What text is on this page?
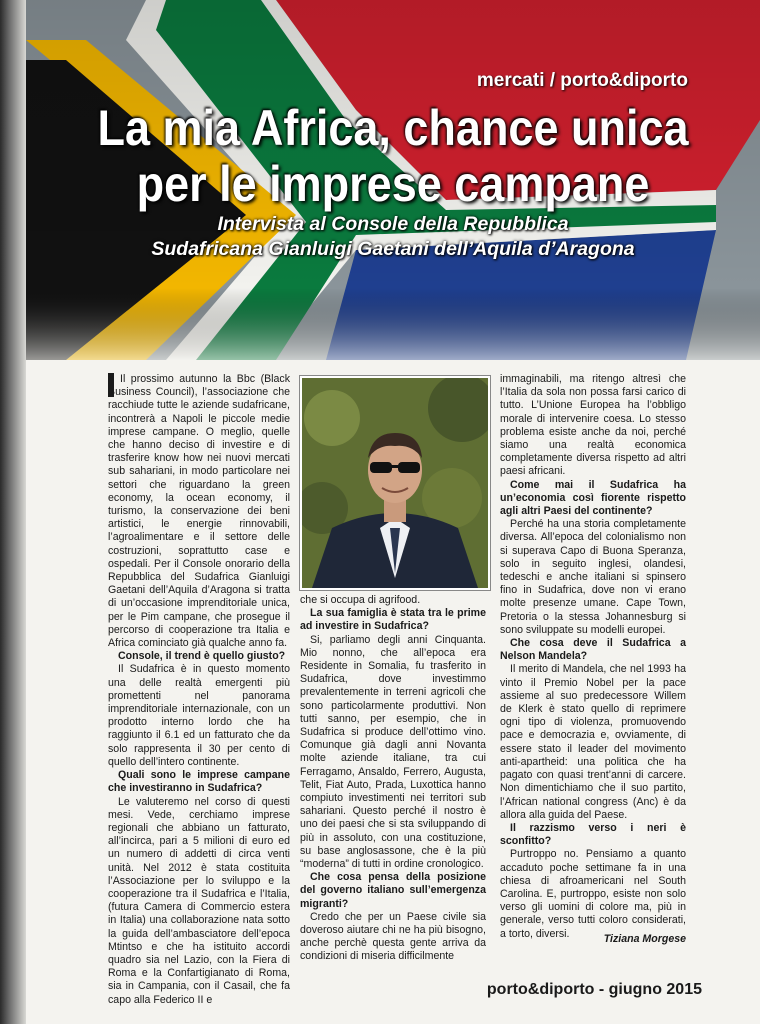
mercati / porto&diporto
La mia Africa, chance unica
per le imprese campane
Intervista al Console della Repubblica
Sudafricana Gianluigi Gaetani dell’Aquila d’Aragona

Il prossimo autunno la Bbc (Black Business Council), l’associazione che racchiude tutte le aziende sudafricane, incontrerà a Napoli le piccole medie imprese campane. O meglio, quelle che hanno deciso di investire e di trasferire know how nei nuovi mercati sub sahariani, in modo particolare nei settori che riguardano la green economy, la ocean economy, il turismo, la conservazione dei beni artistici, le energie rinnovabili, l’agroalimentare e il settore delle costruzioni, soprattutto case e ospedali. Per il Console onorario della Repubblica del Sudafrica Gianluigi Gaetani dell’Aquila d’Aragona si tratta di un’occasione imprenditoriale unica, per le Pim campane, che prosegue il percorso di cooperazione tra Italia e Africa cominciato già qualche anno fa.

Console, il trend è quello giusto?

Il Sudafrica è in questo momento una delle realtà emergenti più promettenti nel panorama imprenditoriale internazionale, con un prodotto interno lordo che ha raggiunto il 6.1 ed un fatturato che da solo rappresenta il 30 per cento di quello dell’intero continente.

Quali sono le imprese campane che investiranno in Sudafrica?

Le valuteremo nel corso di questi mesi. Vede, cerchiamo imprese regionali che abbiano un fatturato, all’incirca, pari a 5 milioni di euro ed un numero di addetti di circa venti unità. Nel 2012 è stata costituita l’Associazione per lo sviluppo e la cooperazione tra il Sudafrica e l’Italia, (futura Camera di Commercio estera in Italia) una collaborazione nata sotto la guida dell’ambasciatore dell’epoca Mtintso e che ha istituito accordi quadro sia nel Lazio, con la Fiera di Roma e la Confartigianato di Roma, sia in Campania, con il Casail, che fa capo alla Federico II e

che si occupa di agrifood.

La sua famiglia è stata tra le prime ad investire in Sudafrica?

Si, parliamo degli anni Cinquanta. Mio nonno, che all’epoca era Residente in Somalia, fu trasferito in Sudafrica, dove investimmo prevalentemente in terreni agricoli che sono particolarmente produttivi. Non tutti sanno, per esempio, che in Sudafrica si produce dell’ottimo vino. Comunque già dagli anni Novanta molte aziende italiane, tra cui Ferragamo, Ansaldo, Ferrero, Augusta, Telit, Fiat Auto, Prada, Luxottica hanno compiuto investimenti nei territori sub sahariani. Questo perché il nostro è uno dei paesi che si sta sviluppando di più in assoluto, con una costituzione, su base anglosassone, che è la più “moderna” di tutti in ordine cronologico.

Che cosa pensa della posizione del governo italiano sull’emergenza migranti?

Credo che per un Paese civile sia doveroso aiutare chi ne ha più bisogno, anche perchè questa gente arriva da condizioni di miseria difficilmente

immaginabili, ma ritengo altresì che l’Italia da sola non possa farsi carico di tutto. L’Unione Europea ha l’obbligo morale di intervenire coesa. Lo stesso problema esiste anche da noi, perché siamo una realtà economica completamente diversa rispetto ad altri paesi africani.

Come mai il Sudafrica ha un’economia così fiorente rispetto agli altri Paesi del continente?

Perché ha una storia completamente diversa. All’epoca del colonialismo non si superava Capo di Buona Speranza, solo in seguito inglesi, olandesi, tedeschi e anche italiani si spinsero fino in Sudafrica, dove non vi erano molte presenze umane. Cape Town, Pretoria o la stessa Johannesburg si sono sviluppate su modelli europei.

Che cosa deve il Sudafrica a Nelson Mandela?

Il merito di Mandela, che nel 1993 ha vinto il Premio Nobel per la pace assieme al suo predecessore Willem de Klerk è stato quello di reprimere ogni tipo di violenza, promuovendo pace e democrazia e, ovviamente, di essere stato il leader del movimento anti-apartheid: una politica che ha pagato con quasi trent’anni di carcere. Non dimentichiamo che il suo partito, l’African national congress (Anc) è da allora alla guida del Paese.

Il razzismo verso i neri è sconfitto?

Purtroppo no. Pensiamo a quanto accaduto poche settimane fa in una chiesa di afroamericani nel South Carolina. E, purtroppo, esiste non solo verso gli uomini di colore ma, più in generale, verso tutti coloro considerati, a torto, diversi.	Tiziana Morgese
porto&diporto - giugno 2015
